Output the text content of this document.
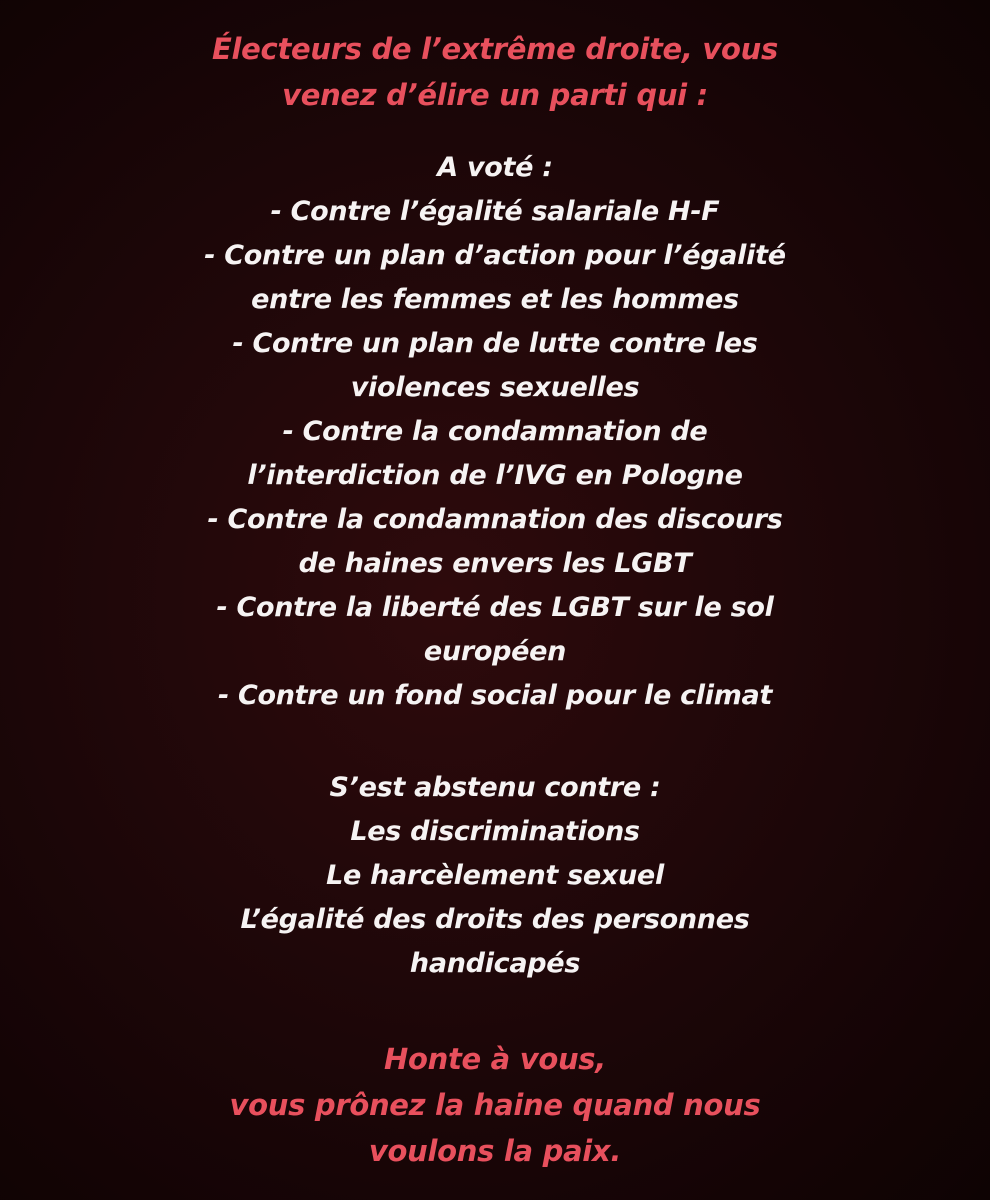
Électeurs de l’extrême droite, vous
venez d’élire un parti qui :
A voté :
- Contre l’égalité salariale H-F
- Contre un plan d’action pour l’égalité
entre les femmes et les hommes
- Contre un plan de lutte contre les
violences sexuelles
- Contre la condamnation de
l’interdiction de l’IVG en Pologne
- Contre la condamnation des discours
de haines envers les LGBT
- Contre la liberté des LGBT sur le sol
européen
- Contre un fond social pour le climat
S’est abstenu contre :
Les discriminations
Le harcèlement sexuel
L’égalité des droits des personnes
handicapés
Honte à vous,
vous prônez la haine quand nous
voulons la paix.
